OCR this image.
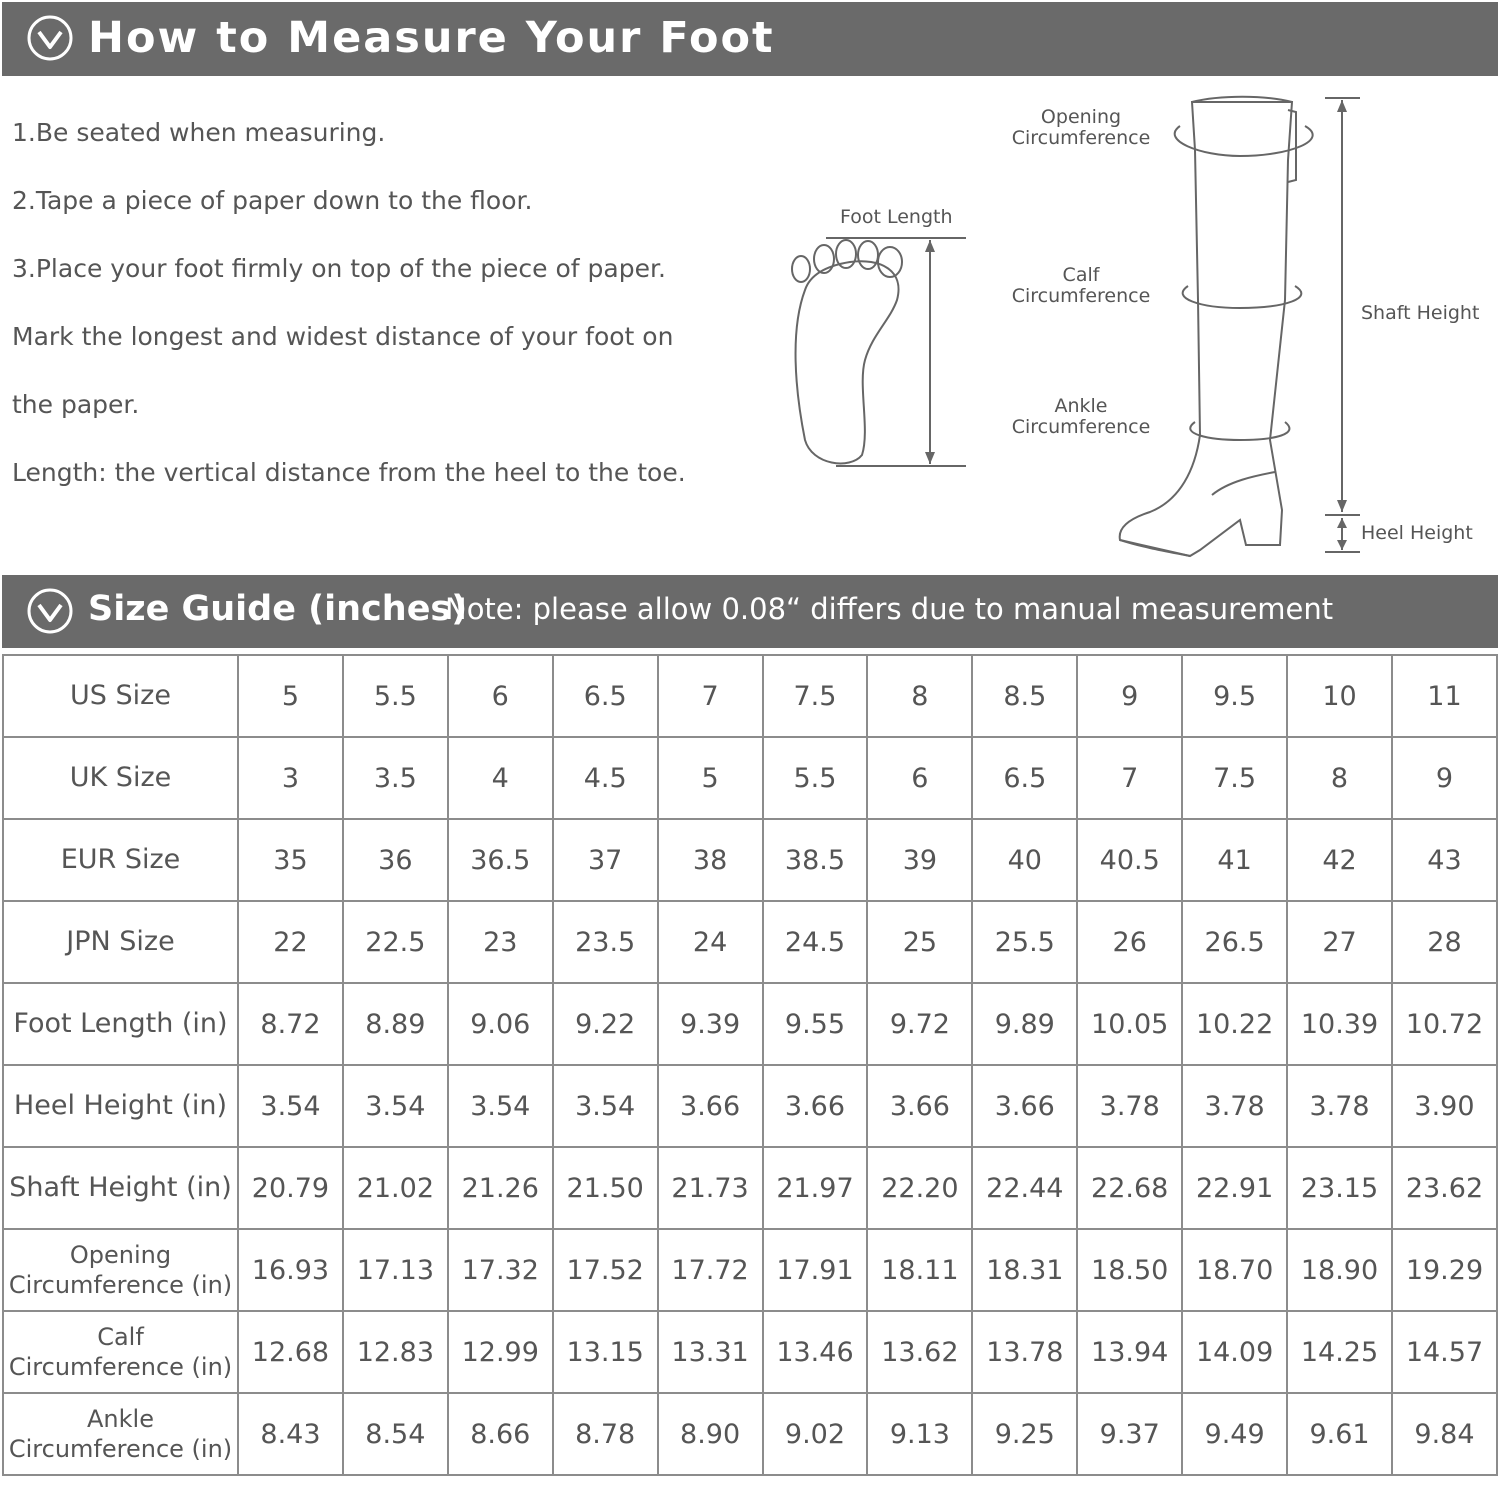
How to Measure Your Foot
1.Be seated when measuring.
2.Tape a piece of paper down to the floor.
3.Place your foot firmly on top of the piece of paper.
Mark the longest and widest distance of your foot on
the paper.
Length: the vertical distance from the heel to the toe.
Foot Length
Opening
Circumference
Calf
Circumference
Ankle
Circumference
Shaft Height
Heel Height
Size Guide (inches)
Note: please allow 0.08“ differs due to manual measurement
US Size	5	5.5	6	6.5	7	7.5	8	8.5	9	9.5	10	11
UK Size	3	3.5	4	4.5	5	5.5	6	6.5	7	7.5	8	9
EUR Size	35	36	36.5	37	38	38.5	39	40	40.5	41	42	43
JPN Size	22	22.5	23	23.5	24	24.5	25	25.5	26	26.5	27	28
Foot Length (in)	8.72	8.89	9.06	9.22	9.39	9.55	9.72	9.89	10.05	10.22	10.39	10.72
Heel Height (in)	3.54	3.54	3.54	3.54	3.66	3.66	3.66	3.66	3.78	3.78	3.78	3.90
Shaft Height (in)	20.79	21.02	21.26	21.50	21.73	21.97	22.20	22.44	22.68	22.91	23.15	23.62

Opening
Circumference (in)	16.93	17.13	17.32	17.52	17.72	17.91	18.11	18.31	18.50	18.70	18.90	19.29

Calf
Circumference (in)	12.68	12.83	12.99	13.15	13.31	13.46	13.62	13.78	13.94	14.09	14.25	14.57

Ankle
Circumference (in)	8.43	8.54	8.66	8.78	8.90	9.02	9.13	9.25	9.37	9.49	9.61	9.84
